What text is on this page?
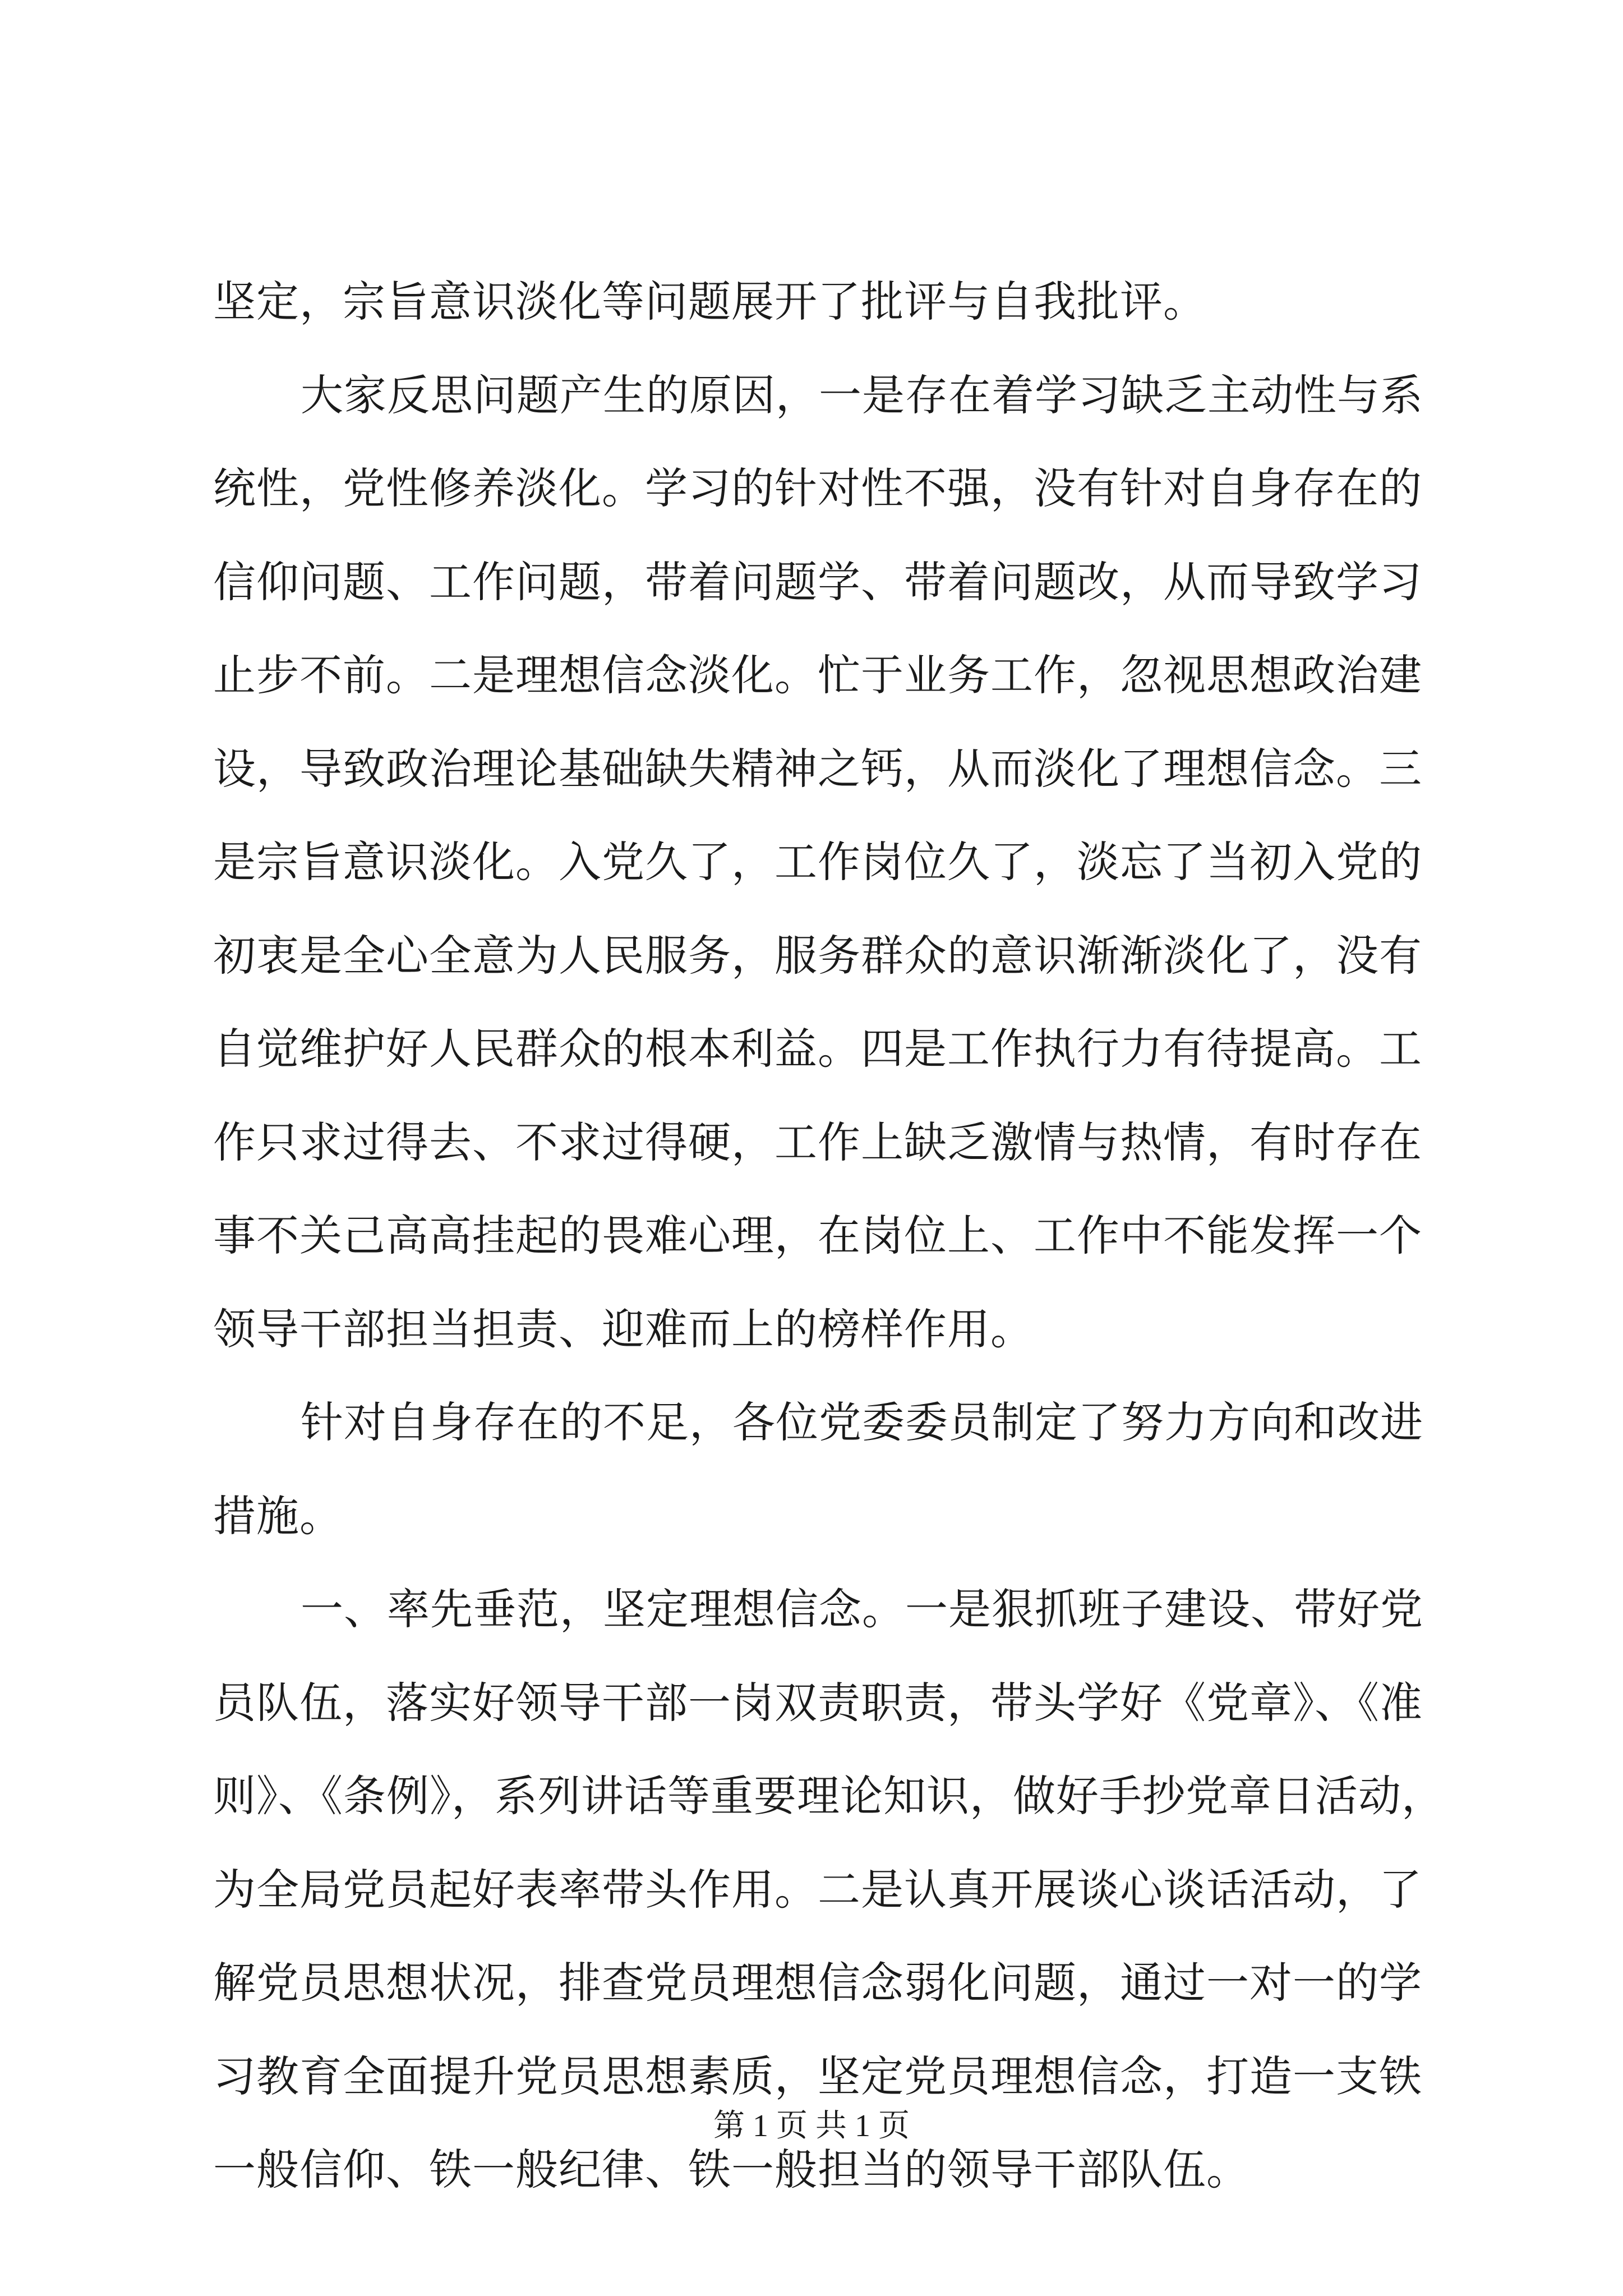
坚定，宗旨意识淡化等问题展开了批评与自我批评。
大家反思问题产生的原因，一是存在着学习缺乏主动性与系
统性，党性修养淡化。学习的针对性不强，没有针对自身存在的
信仰问题、工作问题，带着问题学、带着问题改，从而导致学习
止步不前。二是理想信念淡化。忙于业务工作，忽视思想政治建
设，导致政治理论基础缺失精神之钙，从而淡化了理想信念。三
是宗旨意识淡化。入党久了，工作岗位久了，淡忘了当初入党的
初衷是全心全意为人民服务，服务群众的意识渐渐淡化了，没有
自觉维护好人民群众的根本利益。四是工作执行力有待提高。工
作只求过得去、不求过得硬，工作上缺乏激情与热情，有时存在
事不关己高高挂起的畏难心理，在岗位上、工作中不能发挥一个
领导干部担当担责、迎难而上的榜样作用。
针对自身存在的不足，各位党委委员制定了努力方向和改进
措施。
一、率先垂范，坚定理想信念。一是狠抓班子建设、带好党
员队伍，落实好领导干部一岗双责职责，带头学好《党章》、《准
则》、《条例》，系列讲话等重要理论知识，做好手抄党章日活动，
为全局党员起好表率带头作用。二是认真开展谈心谈话活动，了
解党员思想状况，排查党员理想信念弱化问题，通过一对一的学
习教育全面提升党员思想素质，坚定党员理想信念，打造一支铁
一般信仰、铁一般纪律、铁一般担当的领导干部队伍。
第 1 页 共 1 页
